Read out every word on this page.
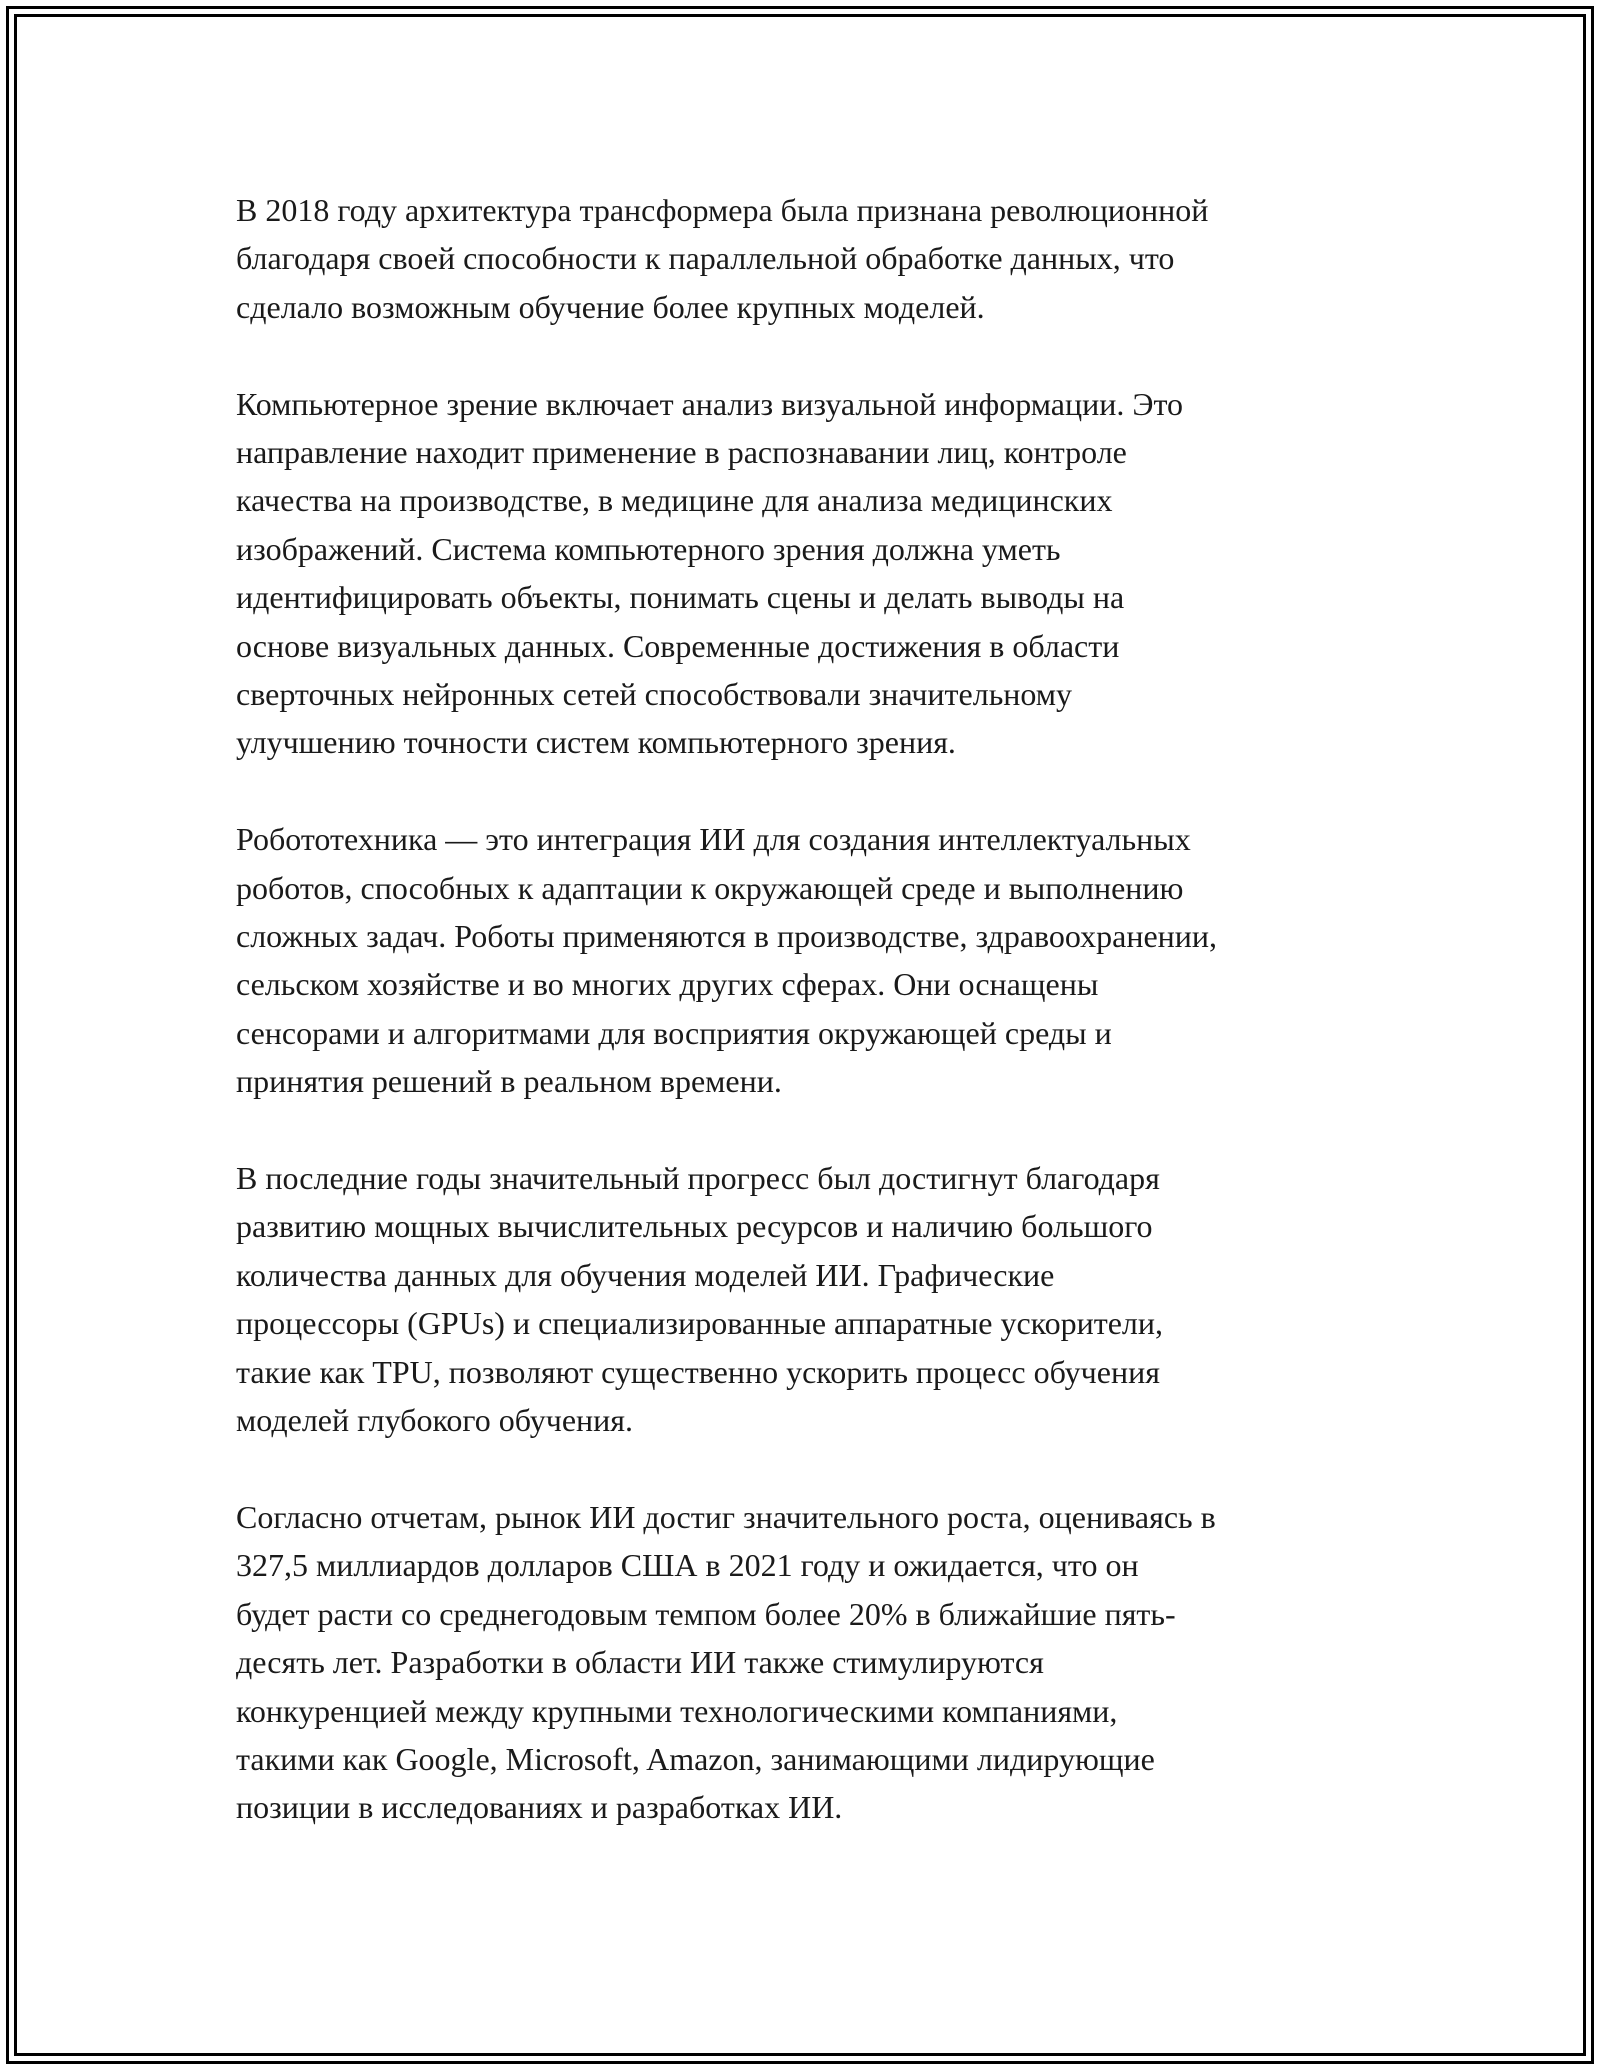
В 2018 году архитектура трансформера была признана революционной
благодаря своей способности к параллельной обработке данных, что
сделало возможным обучение более крупных моделей.

Компьютерное зрение включает анализ визуальной информации. Это
направление находит применение в распознавании лиц, контроле
качества на производстве, в медицине для анализа медицинских
изображений. Система компьютерного зрения должна уметь
идентифицировать объекты, понимать сцены и делать выводы на
основе визуальных данных. Современные достижения в области
сверточных нейронных сетей способствовали значительному
улучшению точности систем компьютерного зрения.

Робототехника — это интеграция ИИ для создания интеллектуальных
роботов, способных к адаптации к окружающей среде и выполнению
сложных задач. Роботы применяются в производстве, здравоохранении,
сельском хозяйстве и во многих других сферах. Они оснащены
сенсорами и алгоритмами для восприятия окружающей среды и
принятия решений в реальном времени.

В последние годы значительный прогресс был достигнут благодаря
развитию мощных вычислительных ресурсов и наличию большого
количества данных для обучения моделей ИИ. Графические
процессоры (GPUs) и специализированные аппаратные ускорители,
такие как TPU, позволяют существенно ускорить процесс обучения
моделей глубокого обучения.

Согласно отчетам, рынок ИИ достиг значительного роста, оцениваясь в
327,5 миллиардов долларов США в 2021 году и ожидается, что он
будет расти со среднегодовым темпом более 20% в ближайшие пять-
десять лет. Разработки в области ИИ также стимулируются
конкуренцией между крупными технологическими компаниями,
такими как Google, Microsoft, Amazon, занимающими лидирующие
позиции в исследованиях и разработках ИИ.
